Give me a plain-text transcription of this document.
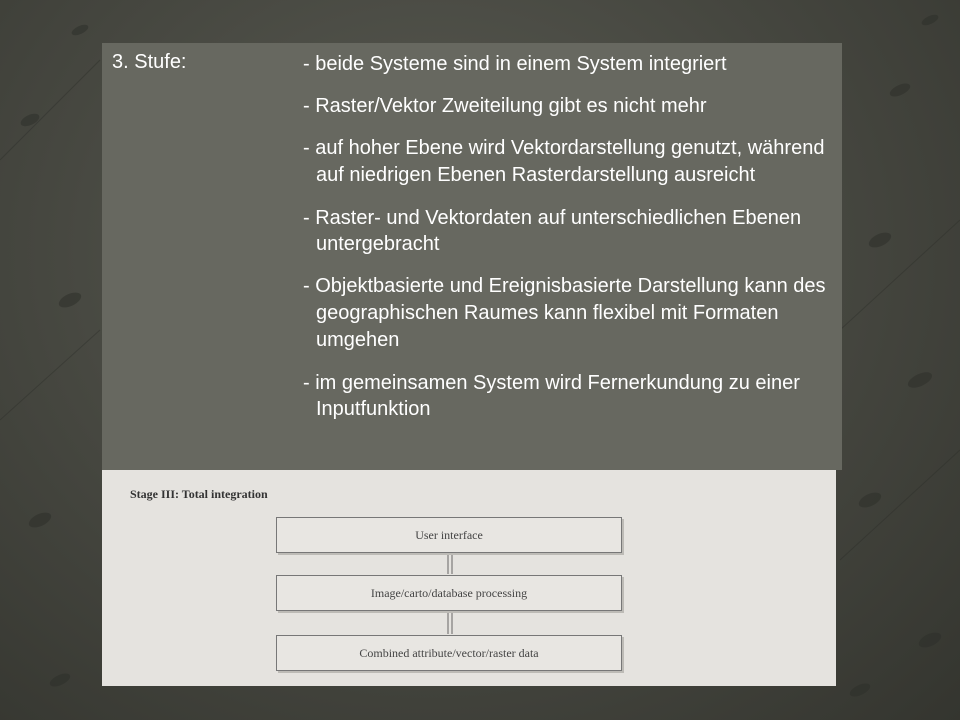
3. Stufe:	- beide Systeme sind in einem System integriert
- Raster/Vektor Zweiteilung gibt es nicht mehr
- auf hoher Ebene wird Vektordarstellung genutzt, während auf niedrigen Ebenen Rasterdarstellung ausreicht
- Raster- und Vektordaten auf unterschiedlichen Ebenen untergebracht
- Objektbasierte und Ereignisbasierte Darstellung kann des geographischen Raumes kann flexibel mit Formaten umgehen
- im gemeinsamen System wird Fernerkundung zu einer Inputfunktion
Stage III: Total integration
User interface
Image/carto/database processing
Combined attribute/vector/raster data
